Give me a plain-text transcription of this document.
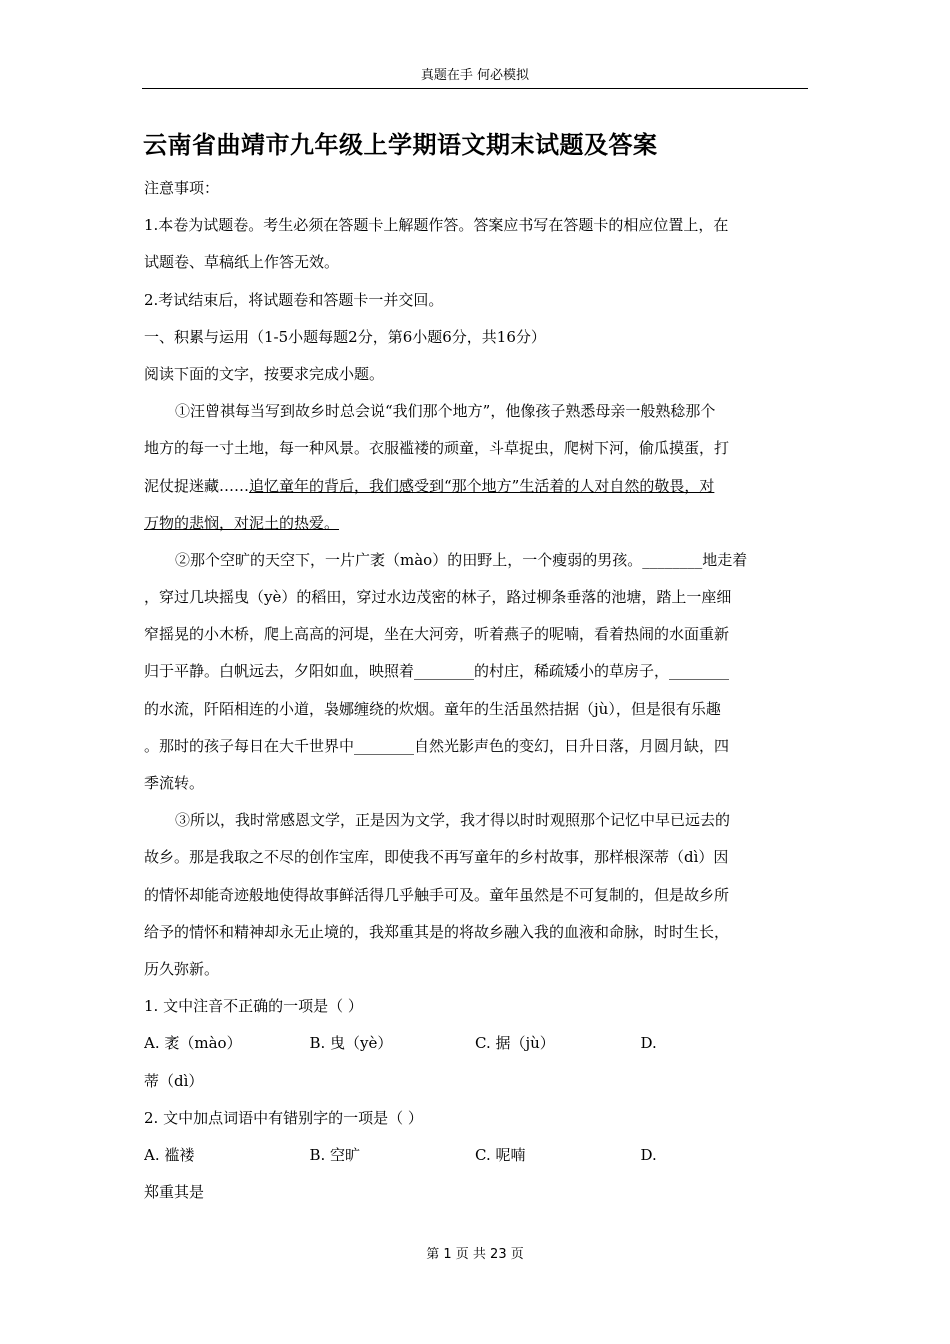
真题在手 何必模拟
云南省曲靖市九年级上学期语文期末试题及答案
注意事项：
1.本卷为试题卷。考生必须在答题卡上解题作答。答案应书写在答题卡的相应位置上，在
试题卷、草稿纸上作答无效。
2.考试结束后，将试题卷和答题卡一并交回。
一、积累与运用（1-5小题每题2分，第6小题6分，共16分）
阅读下面的文字，按要求完成小题。
①汪曾祺每当写到故乡时总会说“我们那个地方”，他像孩子熟悉母亲一般熟稔那个
地方的每一寸土地，每一种风景。衣服褴褛的顽童，斗草捉虫，爬树下河，偷瓜摸蛋，打
泥仗捉迷藏……追忆童年的背后，我们感受到“那个地方”生活着的人对自然的敬畏，对
万物的悲悯，对泥土的热爱。
②那个空旷的天空下，一片广袤（mào）的田野上，一个瘦弱的男孩。________地走着
，穿过几块摇曳（yè）的稻田，穿过水边茂密的林子，路过柳条垂落的池塘，踏上一座细
窄摇晃的小木桥，爬上高高的河堤，坐在大河旁，听着燕子的呢喃，看着热闹的水面重新
归于平静。白帆远去，夕阳如血，映照着________的村庄，稀疏矮小的草房子，________
的水流，阡陌相连的小道，袅娜缠绕的炊烟。童年的生活虽然拮据（jù），但是很有乐趣
。那时的孩子每日在大千世界中________自然光影声色的变幻，日升日落，月圆月缺，四
季流转。
③所以，我时常感恩文学，正是因为文学，我才得以时时观照那个记忆中早已远去的
故乡。那是我取之不尽的创作宝库，即使我不再写童年的乡村故事，那样根深蒂（dì）因
的情怀却能奇迹般地使得故事鲜活得几乎触手可及。童年虽然是不可复制的，但是故乡所
给予的情怀和精神却永无止境的，我郑重其是的将故乡融入我的血液和命脉，时时生长，
历久弥新。
1. 文中注音不正确的一项是（ ）
A. 袤（mào）	B. 曳（yè）	C. 据（jù）	D.
蒂（dì）
2. 文中加点词语中有错别字的一项是（ ）
A. 褴褛	B. 空旷	C. 呢喃	D.
郑重其是
第 1 页 共 23 页
